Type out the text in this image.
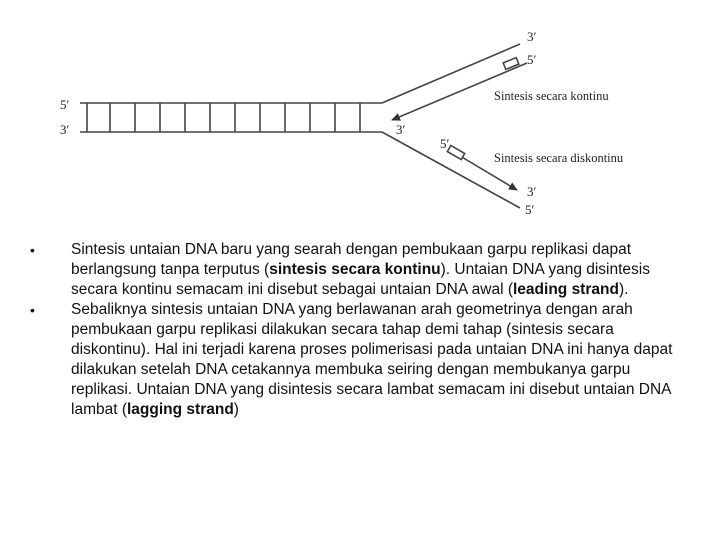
5′
3′	3′
3′
5′
5′
3′
5′
Sintesis secara kontinu
Sintesis secara diskontinu
• Sintesis untaian DNA baru yang searah dengan pembukaan garpu replikasi dapat berlangsung tanpa terputus (sintesis secara kontinu). Untaian DNA yang disintesis secara kontinu semacam ini disebut sebagai untaian DNA awal (leading strand).
• Sebaliknya sintesis untaian DNA yang berlawanan arah geometrinya dengan arah pembukaan garpu replikasi dilakukan secara tahap demi tahap (sintesis secara diskontinu). Hal ini terjadi karena proses polimerisasi pada untaian DNA ini hanya dapat dilakukan setelah DNA cetakannya membuka seiring dengan membukanya garpu replikasi. Untaian DNA yang disintesis secara lambat semacam ini disebut untaian DNA lambat (lagging strand)
